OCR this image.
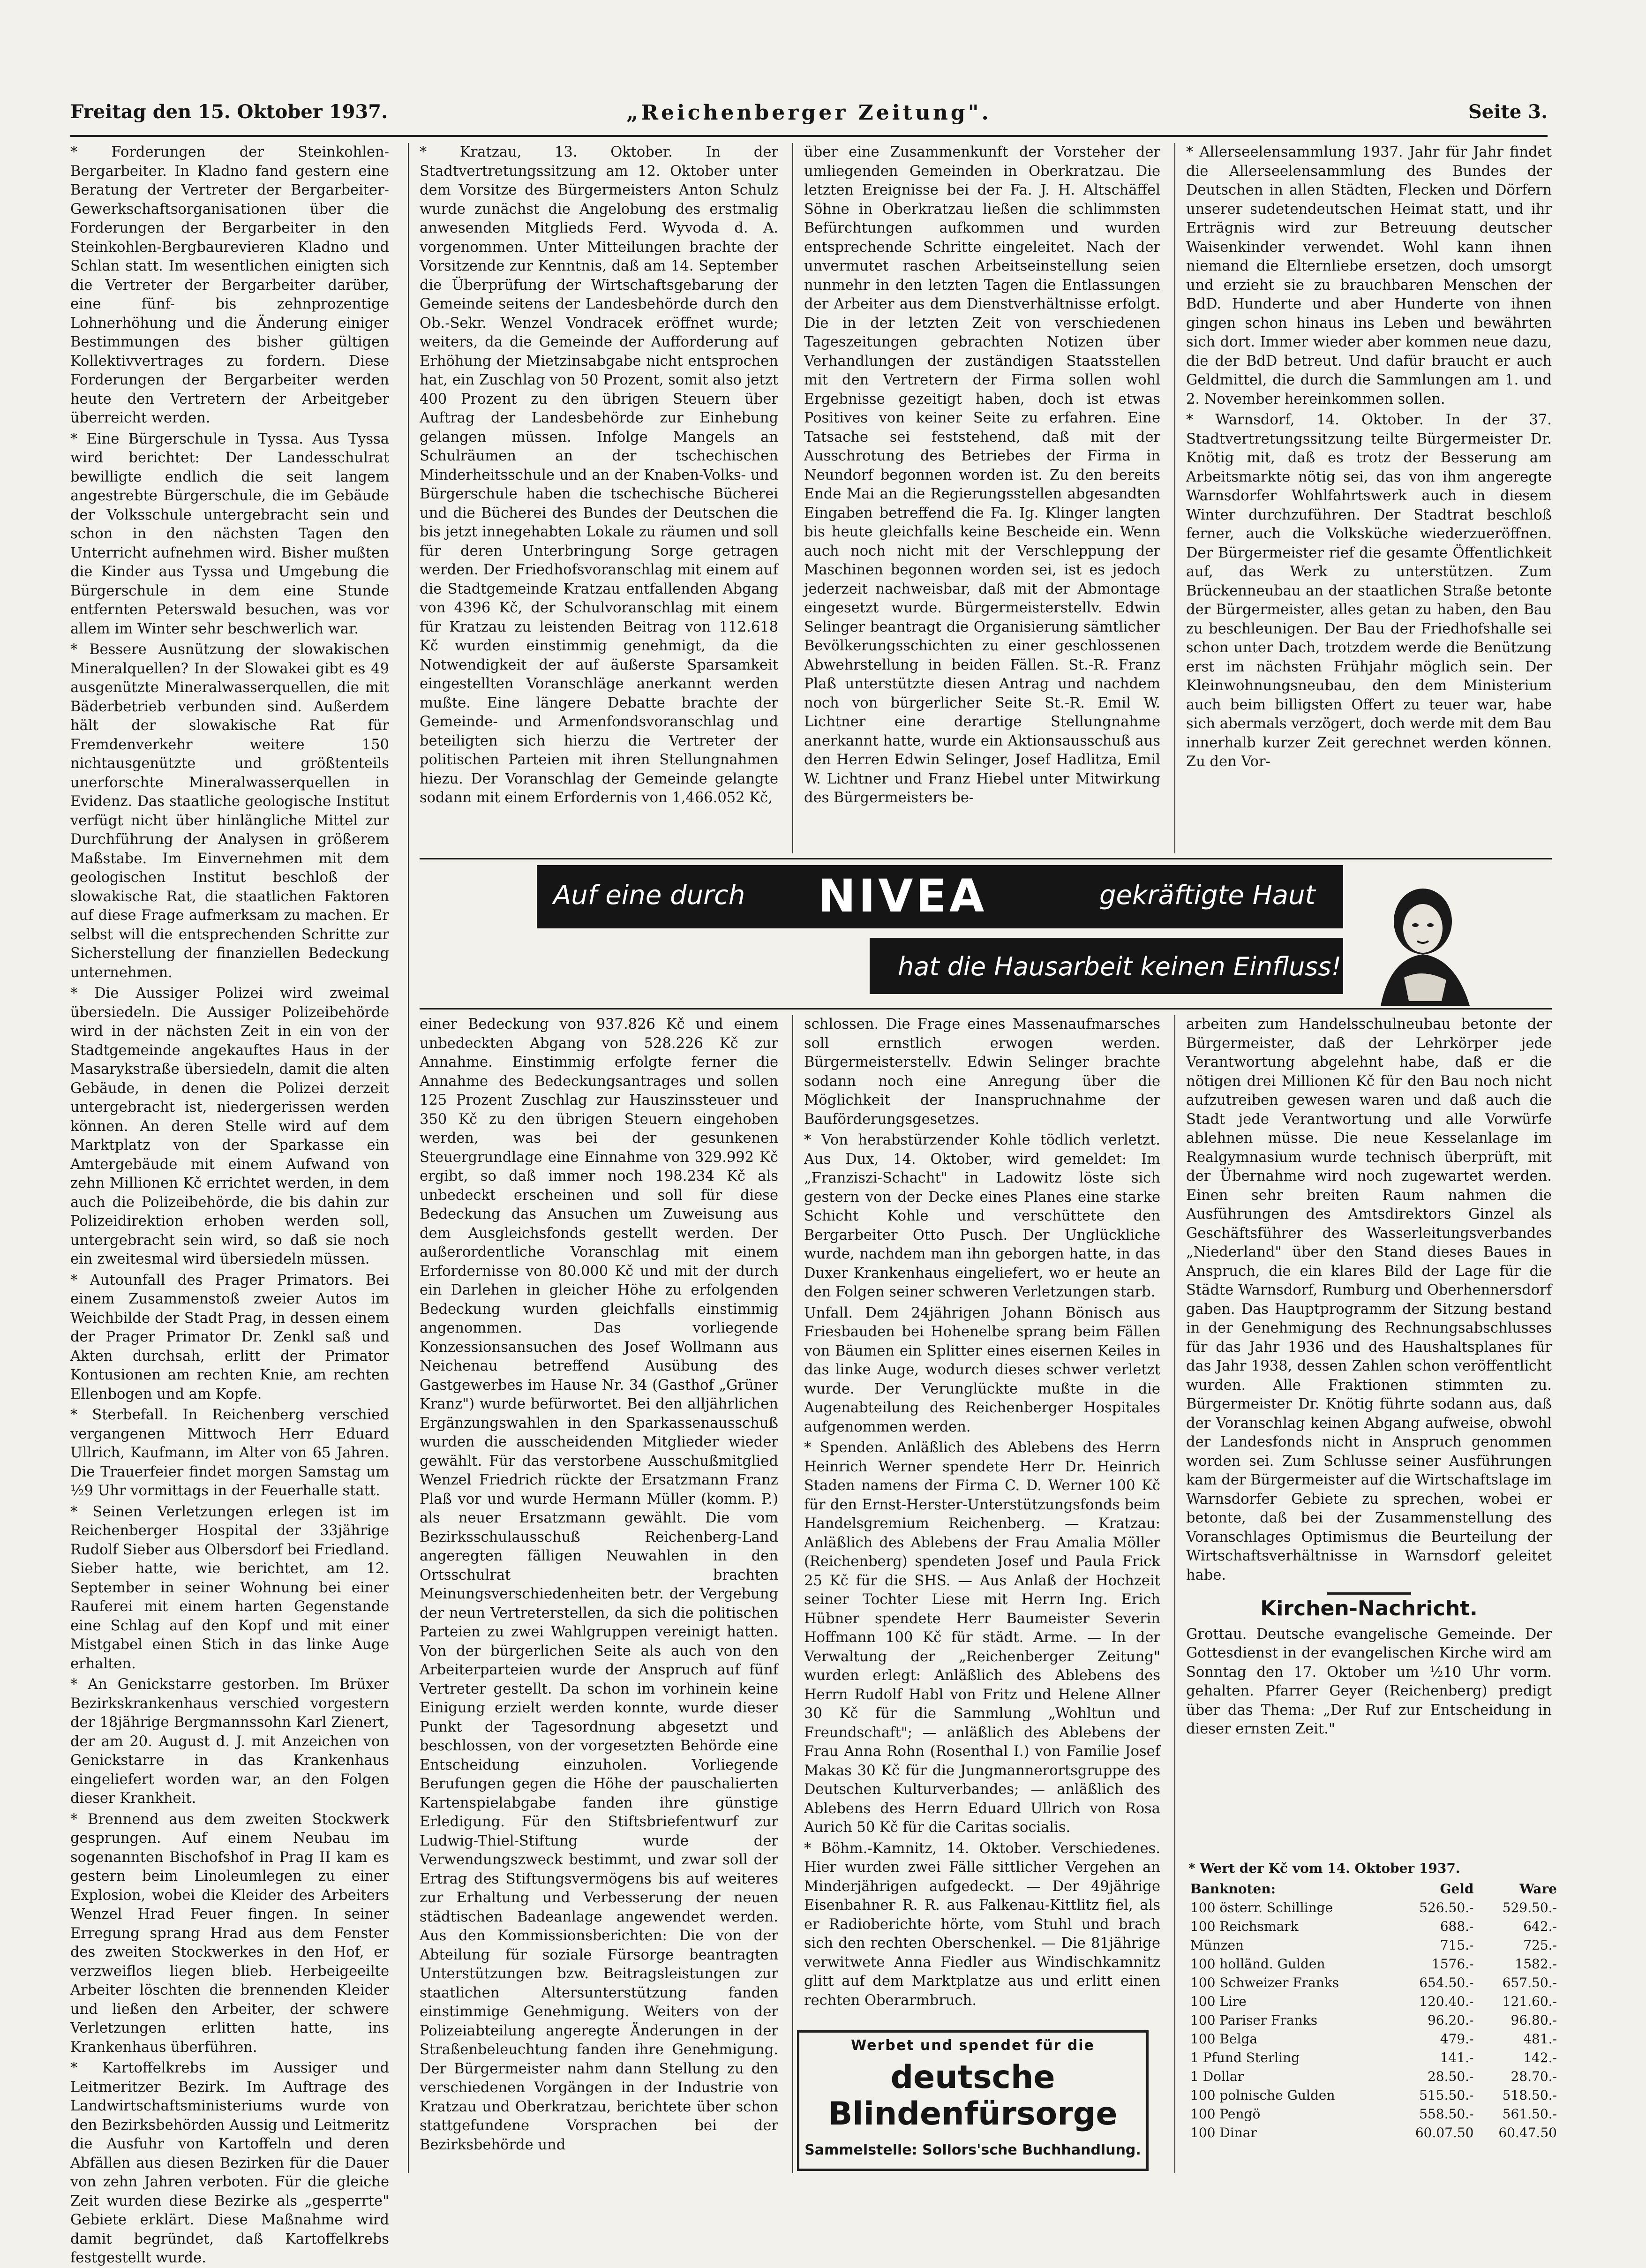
Freitag den 15. Oktober 1937.	„Reichenberger Zeitung".	Seite 3.

* Forderungen der Steinkohlen-Bergarbeiter. In Kladno fand gestern eine Beratung der Vertreter der Bergarbeiter-Gewerkschaftsorganisationen über die Forderungen der Bergarbeiter in den Steinkohlen-Bergbaurevieren Kladno und Schlan statt. Im wesentlichen einigten sich die Vertreter der Bergarbeiter darüber, eine fünf- bis zehnprozentige Lohnerhöhung und die Änderung einiger Bestimmungen des bisher gültigen Kollektivvertrages zu fordern. Diese Forderungen der Bergarbeiter werden heute den Vertretern der Arbeitgeber überreicht werden.

* Eine Bürgerschule in Tyssa. Aus Tyssa wird berichtet: Der Landesschulrat bewilligte endlich die seit langem angestrebte Bürgerschule, die im Gebäude der Volksschule untergebracht sein und schon in den nächsten Tagen den Unterricht aufnehmen wird. Bisher mußten die Kinder aus Tyssa und Umgebung die Bürgerschule in dem eine Stunde entfernten Peterswald besuchen, was vor allem im Winter sehr beschwerlich war.

* Bessere Ausnützung der slowakischen Mineralquellen? In der Slowakei gibt es 49 ausgenützte Mineralwasserquellen, die mit Bäderbetrieb verbunden sind. Außerdem hält der slowakische Rat für Fremdenverkehr weitere 150 nichtausgenützte und größtenteils unerforschte Mineralwasserquellen in Evidenz. Das staatliche geologische Institut verfügt nicht über hinlängliche Mittel zur Durchführung der Analysen in größerem Maßstabe. Im Einvernehmen mit dem geologischen Institut beschloß der slowakische Rat, die staatlichen Faktoren auf diese Frage aufmerksam zu machen. Er selbst will die entsprechenden Schritte zur Sicherstellung der finanziellen Bedeckung unternehmen.

* Die Aussiger Polizei wird zweimal übersiedeln. Die Aussiger Polizeibehörde wird in der nächsten Zeit in ein von der Stadtgemeinde angekauftes Haus in der Masarykstraße übersiedeln, damit die alten Gebäude, in denen die Polizei derzeit untergebracht ist, niedergerissen werden können. An deren Stelle wird auf dem Marktplatz von der Sparkasse ein Amtergebäude mit einem Aufwand von zehn Millionen Kč errichtet werden, in dem auch die Polizeibehörde, die bis dahin zur Polizeidirektion erhoben werden soll, untergebracht sein wird, so daß sie noch ein zweitesmal wird übersiedeln müssen.

* Autounfall des Prager Primators. Bei einem Zusammenstoß zweier Autos im Weichbilde der Stadt Prag, in dessen einem der Prager Primator Dr. Zenkl saß und Akten durchsah, erlitt der Primator Kontusionen am rechten Knie, am rechten Ellenbogen und am Kopfe.

* Sterbefall. In Reichenberg verschied vergangenen Mittwoch Herr Eduard Ullrich, Kaufmann, im Alter von 65 Jahren. Die Trauerfeier findet morgen Samstag um ½9 Uhr vormittags in der Feuerhalle statt.

* Seinen Verletzungen erlegen ist im Reichenberger Hospital der 33jährige Rudolf Sieber aus Olbersdorf bei Friedland. Sieber hatte, wie berichtet, am 12. September in seiner Wohnung bei einer Rauferei mit einem harten Gegenstande eine Schlag auf den Kopf und mit einer Mistgabel einen Stich in das linke Auge erhalten.

* An Genickstarre gestorben. Im Brüxer Bezirkskrankenhaus verschied vorgestern der 18jährige Bergmannssohn Karl Zienert, der am 20. August d. J. mit Anzeichen von Genickstarre in das Krankenhaus eingeliefert worden war, an den Folgen dieser Krankheit.

* Brennend aus dem zweiten Stockwerk gesprungen. Auf einem Neubau im sogenannten Bischofshof in Prag II kam es gestern beim Linoleumlegen zu einer Explosion, wobei die Kleider des Arbeiters Wenzel Hrad Feuer fingen. In seiner Erregung sprang Hrad aus dem Fenster des zweiten Stockwerkes in den Hof, er verzweiflos liegen blieb. Herbeigeeilte Arbeiter löschten die brennenden Kleider und ließen den Arbeiter, der schwere Verletzungen erlitten hatte, ins Krankenhaus überführen.

* Kartoffelkrebs im Aussiger und Leitmeritzer Bezirk. Im Auftrage des Landwirtschaftsministeriums wurde von den Bezirksbehörden Aussig und Leitmeritz die Ausfuhr von Kartoffeln und deren Abfällen aus diesen Bezirken für die Dauer von zehn Jahren verboten. Für die gleiche Zeit wurden diese Bezirke als „gesperrte" Gebiete erklärt. Diese Maßnahme wird damit begründet, daß Kartoffelkrebs festgestellt wurde.

* Kratzau, 13. Oktober. In der Stadtvertretungssitzung am 12. Oktober unter dem Vorsitze des Bürgermeisters Anton Schulz wurde zunächst die Angelobung des erstmalig anwesenden Mitglieds Ferd. Wyvoda d. A. vorgenommen. Unter Mitteilungen brachte der Vorsitzende zur Kenntnis, daß am 14. September die Überprüfung der Wirtschaftsgebarung der Gemeinde seitens der Landesbehörde durch den Ob.-Sekr. Wenzel Vondracek eröffnet wurde; weiters, da die Gemeinde der Aufforderung auf Erhöhung der Mietzinsabgabe nicht entsprochen hat, ein Zuschlag von 50 Prozent, somit also jetzt 400 Prozent zu den übrigen Steuern über Auftrag der Landesbehörde zur Einhebung gelangen müssen. Infolge Mangels an Schulräumen an der tschechischen Minderheitsschule und an der Knaben-Volks- und Bürgerschule haben die tschechische Bücherei und die Bücherei des Bundes der Deutschen die bis jetzt innegehabten Lokale zu räumen und soll für deren Unterbringung Sorge getragen werden. Der Friedhofsvoranschlag mit einem auf die Stadtgemeinde Kratzau entfallenden Abgang von 4396 Kč, der Schulvoranschlag mit einem für Kratzau zu leistenden Beitrag von 112.618 Kč wurden einstimmig genehmigt, da die Notwendigkeit der auf äußerste Sparsamkeit eingestellten Voranschläge anerkannt werden mußte. Eine längere Debatte brachte der Gemeinde- und Armenfondsvoranschlag und beteiligten sich hierzu die Vertreter der politischen Parteien mit ihren Stellungnahmen hiezu. Der Voranschlag der Gemeinde gelangte sodann mit einem Erfordernis von 1,466.052 Kč,

über eine Zusammenkunft der Vorsteher der umliegenden Gemeinden in Oberkratzau. Die letzten Ereignisse bei der Fa. J. H. Altschäffel Söhne in Oberkratzau ließen die schlimmsten Befürchtungen aufkommen und wurden entsprechende Schritte eingeleitet. Nach der unvermutet raschen Arbeitseinstellung seien nunmehr in den letzten Tagen die Entlassungen der Arbeiter aus dem Dienstverhältnisse erfolgt. Die in der letzten Zeit von verschiedenen Tageszeitungen gebrachten Notizen über Verhandlungen der zuständigen Staatsstellen mit den Vertretern der Firma sollen wohl Ergebnisse gezeitigt haben, doch ist etwas Positives von keiner Seite zu erfahren. Eine Tatsache sei feststehend, daß mit der Ausschrotung des Betriebes der Firma in Neundorf begonnen worden ist. Zu den bereits Ende Mai an die Regierungsstellen abgesandten Eingaben betreffend die Fa. Ig. Klinger langten bis heute gleichfalls keine Bescheide ein. Wenn auch noch nicht mit der Verschleppung der Maschinen begonnen worden sei, ist es jedoch jederzeit nachweisbar, daß mit der Abmontage eingesetzt wurde. Bürgermeisterstellv. Edwin Selinger beantragt die Organisierung sämtlicher Bevölkerungsschichten zu einer geschlossenen Abwehrstellung in beiden Fällen. St.-R. Franz Plaß unterstützte diesen Antrag und nachdem noch von bürgerlicher Seite St.-R. Emil W. Lichtner eine derartige Stellungnahme anerkannt hatte, wurde ein Aktionsausschuß aus den Herren Edwin Selinger, Josef Hadlitza, Emil W. Lichtner und Franz Hiebel unter Mitwirkung des Bürgermeisters be-

* Allerseelensammlung 1937. Jahr für Jahr findet die Allerseelensammlung des Bundes der Deutschen in allen Städten, Flecken und Dörfern unserer sudetendeutschen Heimat statt, und ihr Erträgnis wird zur Betreuung deutscher Waisenkinder verwendet. Wohl kann ihnen niemand die Elternliebe ersetzen, doch umsorgt und erzieht sie zu brauchbaren Menschen der BdD. Hunderte und aber Hunderte von ihnen gingen schon hinaus ins Leben und bewährten sich dort. Immer wieder aber kommen neue dazu, die der BdD betreut. Und dafür braucht er auch Geldmittel, die durch die Sammlungen am 1. und 2. November hereinkommen sollen.

* Warnsdorf, 14. Oktober. In der 37. Stadtvertretungssitzung teilte Bürgermeister Dr. Knötig mit, daß es trotz der Besserung am Arbeitsmarkte nötig sei, das von ihm angeregte Warnsdorfer Wohlfahrtswerk auch in diesem Winter durchzuführen. Der Stadtrat beschloß ferner, auch die Volksküche wiederzueröffnen. Der Bürgermeister rief die gesamte Öffentlichkeit auf, das Werk zu unterstützen. Zum Brückenneubau an der staatlichen Straße betonte der Bürgermeister, alles getan zu haben, den Bau zu beschleunigen. Der Bau der Friedhofshalle sei schon unter Dach, trotzdem werde die Benützung erst im nächsten Frühjahr möglich sein. Der Kleinwohnungsneubau, den dem Ministerium auch beim billigsten Offert zu teuer war, habe sich abermals verzögert, doch werde mit dem Bau innerhalb kurzer Zeit gerechnet werden können. Zu den Vor-

Auf eine durch NIVEA	gekräftigte Haut
hat die Hausarbeit keinen Einfluss!

einer Bedeckung von 937.826 Kč und einem unbedeckten Abgang von 528.226 Kč zur Annahme. Einstimmig erfolgte ferner die Annahme des Bedeckungsantrages und sollen 125 Prozent Zuschlag zur Hauszinssteuer und 350 Kč zu den übrigen Steuern eingehoben werden, was bei der gesunkenen Steuergrundlage eine Einnahme von 329.992 Kč ergibt, so daß immer noch 198.234 Kč als unbedeckt erscheinen und soll für diese Bedeckung das Ansuchen um Zuweisung aus dem Ausgleichsfonds gestellt werden. Der außerordentliche Voranschlag mit einem Erfordernisse von 80.000 Kč und mit der durch ein Darlehen in gleicher Höhe zu erfolgenden Bedeckung wurden gleichfalls einstimmig angenommen. Das vorliegende Konzessionsansuchen des Josef Wollmann aus Neichenau betreffend Ausübung des Gastgewerbes im Hause Nr. 34 (Gasthof „Grüner Kranz") wurde befürwortet. Bei den alljährlichen Ergänzungswahlen in den Sparkassenausschuß wurden die ausscheidenden Mitglieder wieder gewählt. Für das verstorbene Ausschußmitglied Wenzel Friedrich rückte der Ersatzmann Franz Plaß vor und wurde Hermann Müller (komm. P.) als neuer Ersatzmann gewählt. Die vom Bezirksschulausschuß Reichenberg-Land angeregten fälligen Neuwahlen in den Ortsschulrat brachten Meinungsverschiedenheiten betr. der Vergebung der neun Vertreterstellen, da sich die politischen Parteien zu zwei Wahlgruppen vereinigt hatten. Von der bürgerlichen Seite als auch von den Arbeiterparteien wurde der Anspruch auf fünf Vertreter gestellt. Da schon im vorhinein keine Einigung erzielt werden konnte, wurde dieser Punkt der Tagesordnung abgesetzt und beschlossen, von der vorgesetzten Behörde eine Entscheidung einzuholen. Vorliegende Berufungen gegen die Höhe der pauschalierten Kartenspielabgabe fanden ihre günstige Erledigung. Für den Stiftsbriefentwurf zur Ludwig-Thiel-Stiftung wurde der Verwendungszweck bestimmt, und zwar soll der Ertrag des Stiftungsvermögens bis auf weiteres zur Erhaltung und Verbesserung der neuen städtischen Badeanlage angewendet werden. Aus den Kommissionsberichten: Die von der Abteilung für soziale Fürsorge beantragten Unterstützungen bzw. Beitragsleistungen zur staatlichen Altersunterstützung fanden einstimmige Genehmigung. Weiters von der Polizeiabteilung angeregte Änderungen in der Straßenbeleuchtung fanden ihre Genehmigung. Der Bürgermeister nahm dann Stellung zu den verschiedenen Vorgängen in der Industrie von Kratzau und Oberkratzau, berichtete über schon stattgefundene Vorsprachen bei der Bezirksbehörde und

schlossen. Die Frage eines Massenaufmarsches soll ernstlich erwogen werden. Bürgermeisterstellv. Edwin Selinger brachte sodann noch eine Anregung über die Möglichkeit der Inanspruchnahme der Bauförderungsgesetzes.

* Von herabstürzender Kohle tödlich verletzt. Aus Dux, 14. Oktober, wird gemeldet: Im „Franziszi-Schacht" in Ladowitz löste sich gestern von der Decke eines Planes eine starke Schicht Kohle und verschüttete den Bergarbeiter Otto Pusch. Der Unglückliche wurde, nachdem man ihn geborgen hatte, in das Duxer Krankenhaus eingeliefert, wo er heute an den Folgen seiner schweren Verletzungen starb.

Unfall. Dem 24jährigen Johann Bönisch aus Friesbauden bei Hohenelbe sprang beim Fällen von Bäumen ein Splitter eines eisernen Keiles in das linke Auge, wodurch dieses schwer verletzt wurde. Der Verunglückte mußte in die Augenabteilung des Reichenberger Hospitales aufgenommen werden.

* Spenden. Anläßlich des Ablebens des Herrn Heinrich Werner spendete Herr Dr. Heinrich Staden namens der Firma C. D. Werner 100 Kč für den Ernst-Herster-Unterstützungsfonds beim Handelsgremium Reichenberg. — Kratzau: Anläßlich des Ablebens der Frau Amalia Möller (Reichenberg) spendeten Josef und Paula Frick 25 Kč für die SHS. — Aus Anlaß der Hochzeit seiner Tochter Liese mit Herrn Ing. Erich Hübner spendete Herr Baumeister Severin Hoffmann 100 Kč für städt. Arme. — In der Verwaltung der „Reichenberger Zeitung" wurden erlegt: Anläßlich des Ablebens des Herrn Rudolf Habl von Fritz und Helene Allner 30 Kč für die Sammlung „Wohltun und Freundschaft"; — anläßlich des Ablebens der Frau Anna Rohn (Rosenthal I.) von Familie Josef Makas 30 Kč für die Jungmannerortsgruppe des Deutschen Kulturverbandes; — anläßlich des Ablebens des Herrn Eduard Ullrich von Rosa Aurich 50 Kč für die Caritas socialis.

* Böhm.-Kamnitz, 14. Oktober. Verschiedenes. Hier wurden zwei Fälle sittlicher Vergehen an Minderjährigen aufgedeckt. — Der 49jährige Eisenbahner R. R. aus Falkenau-Kittlitz fiel, als er Radioberichte hörte, vom Stuhl und brach sich den rechten Oberschenkel. — Die 81jährige verwitwete Anna Fiedler aus Windischkamnitz glitt auf dem Marktplatze aus und erlitt einen rechten Oberarmbruch.

Werbet und spendet für die
deutsche Blindenfürsorge
Sammelstelle: Sollors'sche Buchhandlung.

arbeiten zum Handelsschulneubau betonte der Bürgermeister, daß der Lehrkörper jede Verantwortung abgelehnt habe, daß er die nötigen drei Millionen Kč für den Bau noch nicht aufzutreiben gewesen waren und daß auch die Stadt jede Verantwortung und alle Vorwürfe ablehnen müsse. Die neue Kesselanlage im Realgymnasium wurde technisch überprüft, mit der Übernahme wird noch zugewartet werden. Einen sehr breiten Raum nahmen die Ausführungen des Amtsdirektors Ginzel als Geschäftsführer des Wasserleitungsverbandes „Niederland" über den Stand dieses Baues in Anspruch, die ein klares Bild der Lage für die Städte Warnsdorf, Rumburg und Oberhennersdorf gaben. Das Hauptprogramm der Sitzung bestand in der Genehmigung des Rechnungsabschlusses für das Jahr 1936 und des Haushaltsplanes für das Jahr 1938, dessen Zahlen schon veröffentlicht wurden. Alle Fraktionen stimmten zu. Bürgermeister Dr. Knötig führte sodann aus, daß der Voranschlag keinen Abgang aufweise, obwohl der Landesfonds nicht in Anspruch genommen worden sei. Zum Schlusse seiner Ausführungen kam der Bürgermeister auf die Wirtschaftslage im Warnsdorfer Gebiete zu sprechen, wobei er betonte, daß bei der Zusammenstellung des Voranschlages Optimismus die Beurteilung der Wirtschaftsverhältnisse in Warnsdorf geleitet habe.

Kirchen-Nachricht.

Grottau. Deutsche evangelische Gemeinde. Der Gottesdienst in der evangelischen Kirche wird am Sonntag den 17. Oktober um ½10 Uhr vorm. gehalten. Pfarrer Geyer (Reichenberg) predigt über das Thema: „Der Ruf zur Entscheidung in dieser ernsten Zeit."

* Wert der Kč vom 14. Oktober 1937.
Banknoten:	Geld	Ware
100 österr. Schillinge	526.50.-	529.50.-
100 Reichsmark	688.-	642.-
Münzen	715.-	725.-
100 holländ. Gulden	1576.-	1582.-
100 Schweizer Franks	654.50.-	657.50.-
100 Lire	120.40.-	121.60.-
100 Pariser Franks	96.20.-	96.80.-
100 Belga	479.-	481.-
1 Pfund Sterling	141.-	142.-
1 Dollar	28.50.-	28.70.-
100 polnische Gulden	515.50.-	518.50.-
100 Pengö	558.50.-	561.50.-
100 Dinar	60.07.50	60.47.50
